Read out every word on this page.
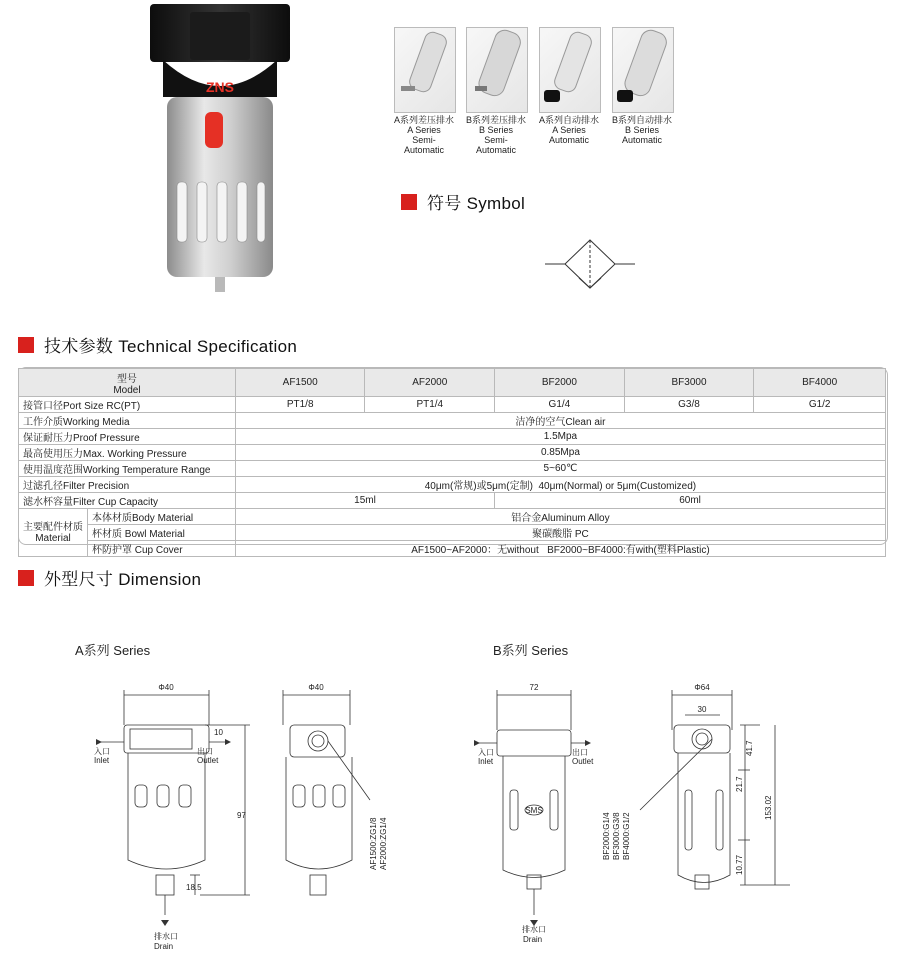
ZNS
A系列差压排水
A Series
Semi-
Automatic
B系列差压排水
B Series
Semi-
Automatic
A系列自动排水
A Series
Automatic
B系列自动排水
B Series
Automatic
符号 Symbol
技术参数 Technical Specification
型号
Model		AF1500	AF2000	BF2000	BF3000	BF4000
接管口径Port Size RC(PT)		PT1/8	PT1/4	G1/4	G3/8	G1/2
工作介质Working Media		洁净的空气Clean air				
保证耐压力Proof Pressure		1.5Mpa				
最高使用压力Max. Working Pressure		0.85Mpa				
使用温度范围Working Temperature Range		5~60℃				
过滤孔径Filter Precision		40μm(常规)或5μm(定制)  40μm(Normal) or 5μm(Customized)				
滤水杯容量Filter Cup Capacity		15ml		60ml		

主要配件材质
Material	本体材质Body Material	铝合金Aluminum Alloy				
	杯材质 Bowl Material	聚碳酸脂 PC				
	杯防护罩 Cup Cover	AF1500~AF2000：无without   BF2000~BF4000:有with(塑料Plastic)				
外型尺寸 Dimension
A系列 Series	B系列 Series
Φ40
10
97
18.5
入口
Inlet
出口
Outlet
排水口
Drain
Φ40
AF1500:ZG1/8 AF2000:ZG1/4
72
入口
Inlet
出口
Outlet
SMS
排水口
Drain
Φ64
30
41.7
21.7
153.02
10.77
BF2000:G1/4 BF3000:G3/8 BF4000:G1/2
